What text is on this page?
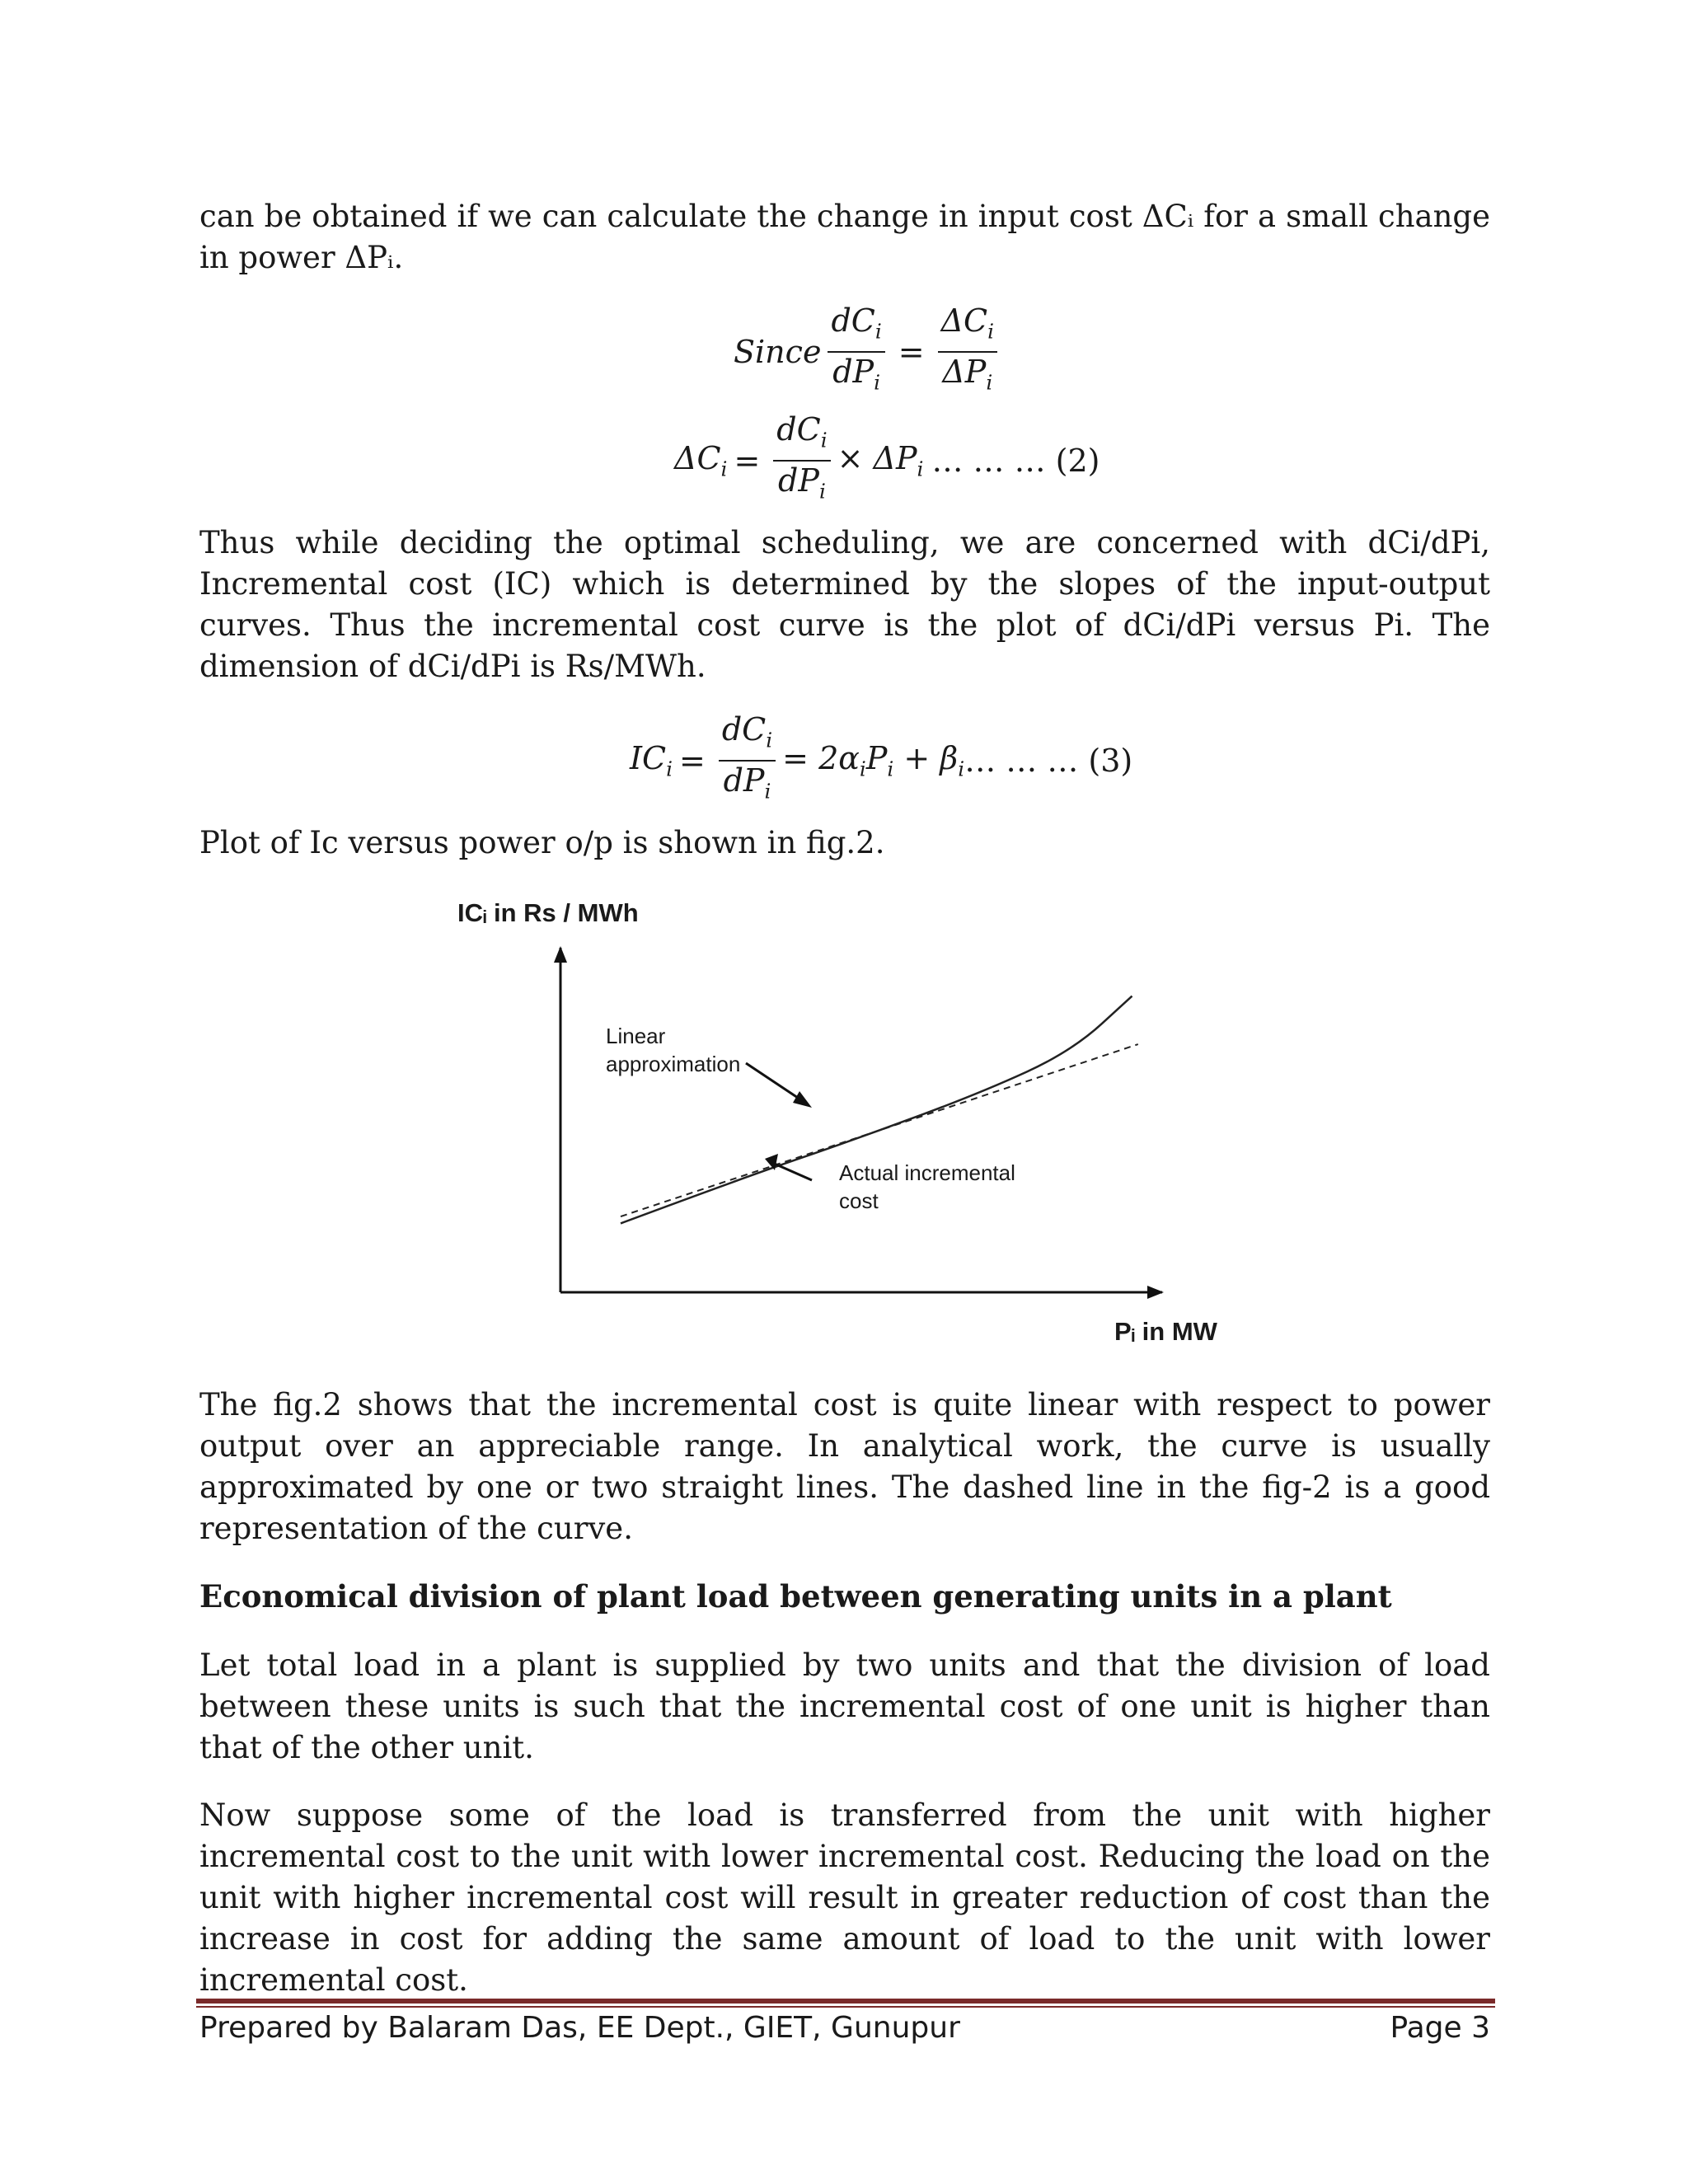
can be obtained if we can calculate the change in input cost ΔCᵢ for a small change in power ΔPᵢ.
Since $\frac{dC_i}{dP_i} = \frac{\Delta C_i}{\Delta P_i}$
$\Delta C_i = \frac{dC_i}{dP_i} \times \Delta P_i$ … … … (2)
Thus while deciding the optimal scheduling, we are concerned with dCi/dPi, Incremental cost (IC) which is determined by the slopes of the input-output curves. Thus the incremental cost curve is the plot of dCi/dPi versus Pi. The dimension of dCi/dPi is Rs/MWh.
$IC_i = \frac{dC_i}{dP_i} = 2\alpha_iP_i + \beta_i$ … … … (3)
Plot of Ic versus power o/p is shown in fig.2.
ICᵢ in Rs / MWh
Linear
approximation
Actual incremental
cost
Pᵢ in MW
The fig.2 shows that the incremental cost is quite linear with respect to power output over an appreciable range. In analytical work, the curve is usually approximated by one or two straight lines. The dashed line in the fig-2 is a good representation of the curve.
Economical division of plant load between generating units in a plant
Let total load in a plant is supplied by two units and that the division of load between these units is such that the incremental cost of one unit is higher than that of the other unit.
Now suppose some of the load is transferred from the unit with higher incremental cost to the unit with lower incremental cost. Reducing the load on the unit with higher incremental cost will result in greater reduction of cost than the increase in cost for adding the same amount of load to the unit with lower incremental cost.
Prepared by Balaram Das, EE Dept., GIET, Gunupur	Page 3
